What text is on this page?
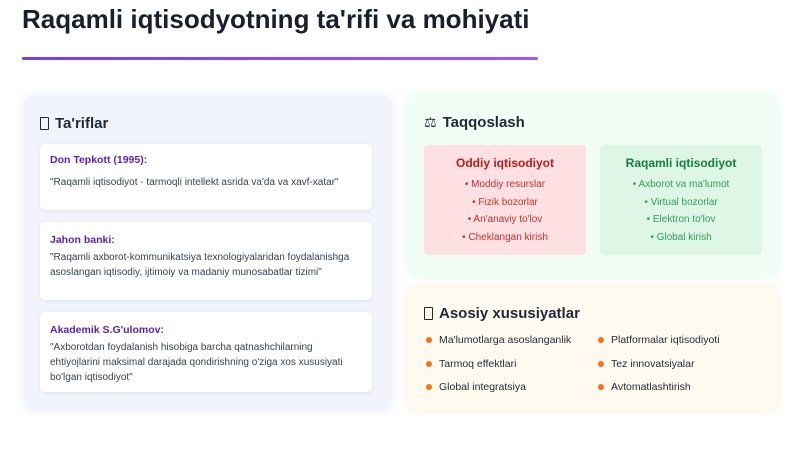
Raqamli iqtisodyotning ta'rifi va mohiyati
Ta'riflar
Don Tepkott (1995):
"Raqamli iqtisodiyot - tarmoqli intellekt asrida va'da va xavf-xatar"
Jahon banki:
"Raqamli axborot-kommunikatsiya texnologiyalaridan foydalanishga asoslangan iqtisodiy, ijtimoiy va madaniy munosabatlar tizimi"
Akademik S.G'ulomov:
"Axborotdan foydalanish hisobiga barcha qatnashchilarning ehtiyojlarini maksimal darajada qondirishning o'ziga xos xususiyati bo'lgan iqtisodiyot"
⚖ Taqqoslash
Oddiy iqtisodiyot
• Moddiy resurslar
• Fizik bozorlar
• An'anaviy to'lov
• Cheklangan kirish
Raqamli iqtisodiyot
• Axborot va ma'lumot
• Virtual bozorlar
• Elektron to'lov
• Global kirish
Asosiy xususiyatlar
Ma'lumotlarga asoslanganlik	Platformalar iqtisodiyoti
Tarmoq effektlari	Tez innovatsiyalar
Global integratsiya	Avtomatlashtirish
